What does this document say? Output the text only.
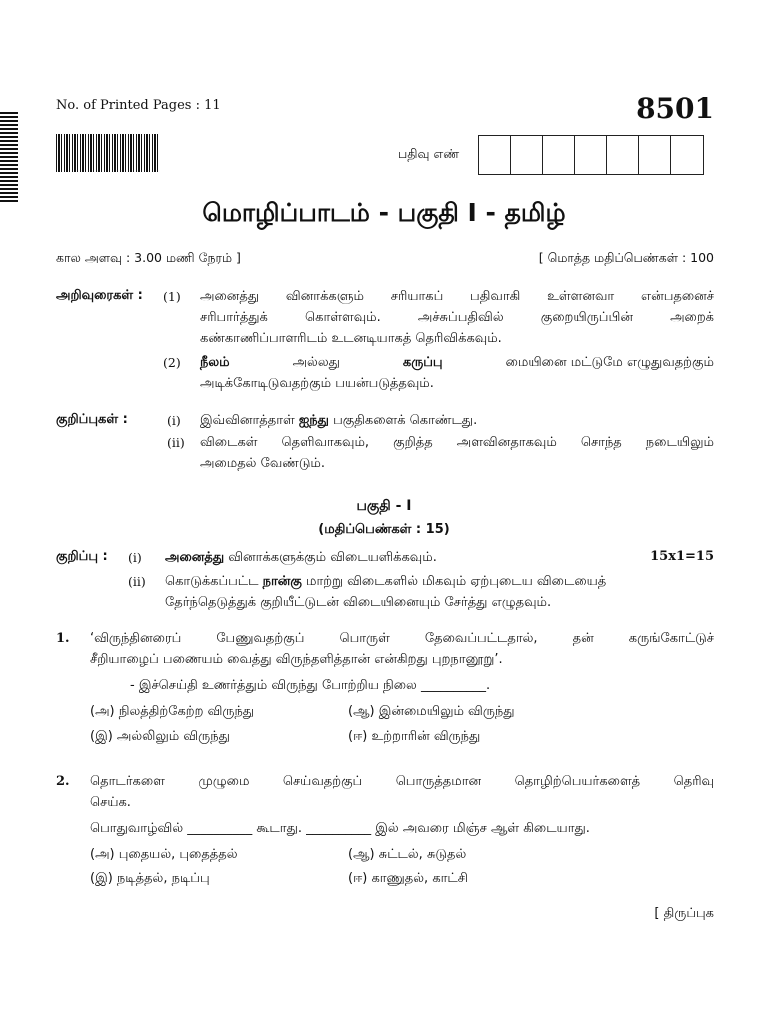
No. of Printed Pages : 11	8501
பதிவு எண்
மொழிப்பாடம் - பகுதி I - தமிழ்
கால அளவு : 3.00 மணி நேரம் ]	[ மொத்த மதிப்பெண்கள் : 100
அறிவுரைகள் : (1) அனைத்து வினாக்களும் சரியாகப் பதிவாகி உள்ளனவா என்பதனைச்
சரிபார்த்துக் கொள்ளவும். அச்சுப்பதிவில் குறையிருப்பின் அறைக்
கண்காணிப்பாளரிடம் உடனடியாகத் தெரிவிக்கவும்.
(2) நீலம்	அல்லது	கருப்பு	மையினை மட்டுமே எழுதுவதற்கும்
அடிக்கோடிடுவதற்கும் பயன்படுத்தவும்.
குறிப்புகள் :	(i) இவ்வினாத்தாள் ஐந்து பகுதிகளைக் கொண்டது.
(ii) விடைகள் தெளிவாகவும், குறித்த அளவினதாகவும் சொந்த நடையிலும்
அமைதல் வேண்டும்.
பகுதி - I
(மதிப்பெண்கள் : 15)
குறிப்பு : (i) அனைத்து வினாக்களுக்கும் விடையளிக்கவும்.	15x1=15
(ii) கொடுக்கப்பட்ட நான்கு மாற்று விடைகளில் மிகவும் ஏற்புடைய விடையைத்
தேர்ந்தெடுத்துக் குறியீட்டுடன் விடையினையும் சேர்த்து எழுதவும்.
1. ‘விருந்தினரைப் பேணுவதற்குப் பொருள் தேவைப்பட்டதால், தன் கருங்கோட்டுச்
சீறியாழைப் பணையம் வைத்து விருந்தளித்தான் என்கிறது புறநானூறு’.
- இச்செய்தி உணர்த்தும் விருந்து போற்றிய நிலை __________.
(அ) நிலத்திற்கேற்ற விருந்து	(ஆ) இன்மையிலும் விருந்து
(இ) அல்லிலும் விருந்து	(ஈ) உற்றாரின் விருந்து
2. தொடர்களை முழுமை செய்வதற்குப் பொருத்தமான தொழிற்பெயர்களைத் தெரிவு
செய்க.
பொதுவாழ்வில் __________ கூடாது. __________ இல் அவரை மிஞ்ச ஆள் கிடையாது.
(அ) புதையல், புதைத்தல்	(ஆ) சுட்டல், சுடுதல்
(இ) நடித்தல், நடிப்பு	(ஈ) காணுதல், காட்சி
[ திருப்புக
